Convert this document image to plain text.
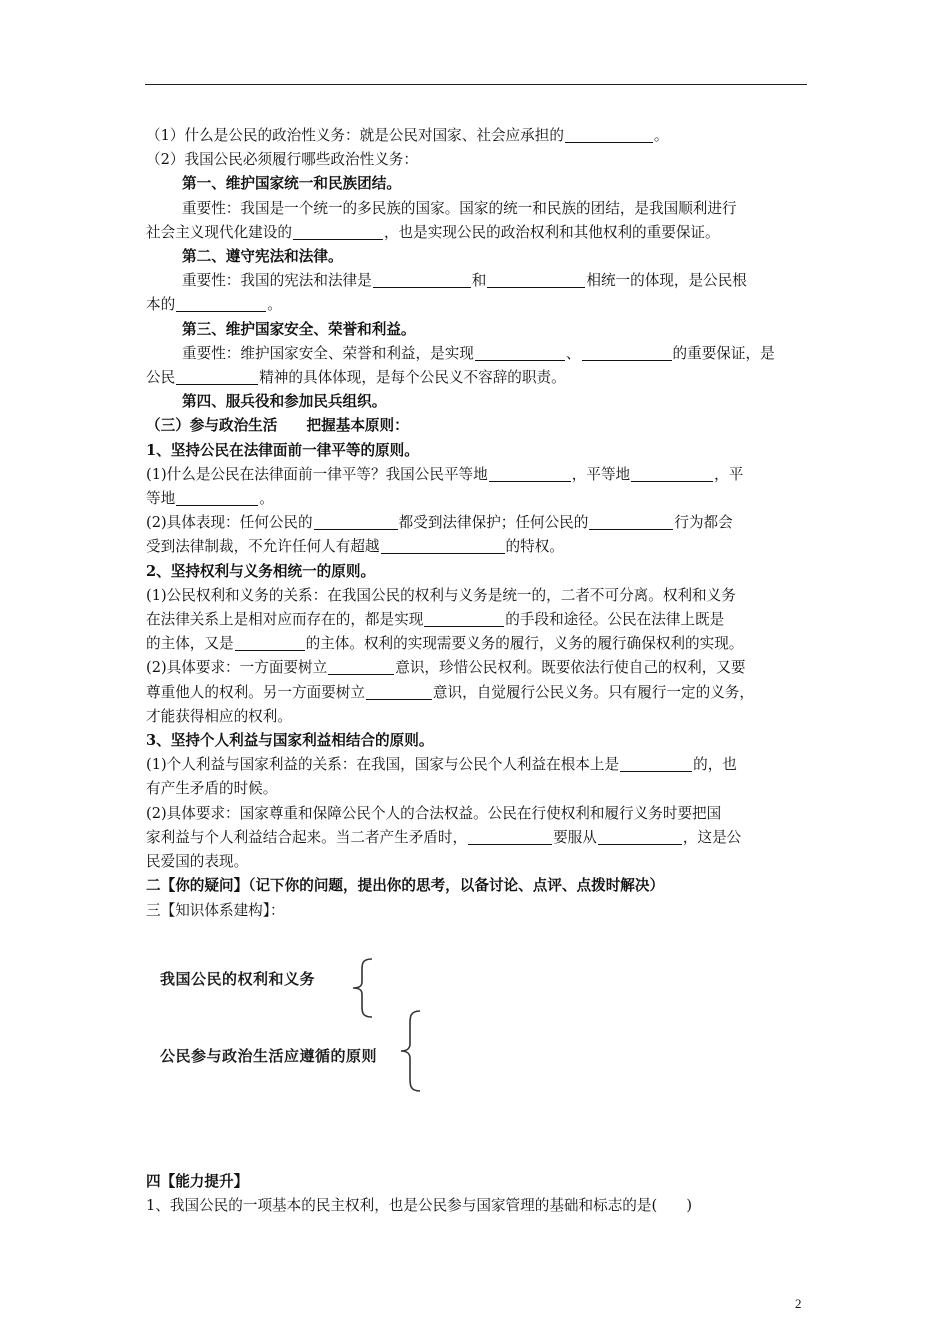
（1）什么是公民的政治性义务：就是公民对国家、社会应承担的	。

（2）我国公民必须履行哪些政治性义务：

第一、维护国家统一和民族团结。

重要性：我国是一个统一的多民族的国家。国家的统一和民族的团结，是我国顺利进行

社会主义现代化建设的	，也是实现公民的政治权利和其他权利的重要保证。

第二、遵守宪法和法律。

重要性：我国的宪法和法律是	和	相统一的体现，是公民根

本的	。

第三、维护国家安全、荣誉和利益。

重要性：维护国家安全、荣誉和利益，是实现	、	的重要保证，是

公民	精神的具体体现，是每个公民义不容辞的职责。

第四、服兵役和参加民兵组织。

（三）参与政治生活　　把握基本原则：

1、坚持公民在法律面前一律平等的原则。

(1)什么是公民在法律面前一律平等？我国公民平等地	，平等地	，平

等地	。

(2)具体表现：任何公民的	都受到法律保护；任何公民的	行为都会

受到法律制裁，不允许任何人有超越	的特权。

2、坚持权利与义务相统一的原则。

(1)公民权利和义务的关系：在我国公民的权利与义务是统一的，二者不可分离。权利和义务

在法律关系上是相对应而存在的，都是实现	的手段和途径。公民在法律上既是

的主体，又是	的主体。权利的实现需要义务的履行，义务的履行确保权利的实现。

(2)具体要求：一方面要树立	意识，珍惜公民权利。既要依法行使自己的权利，又要

尊重他人的权利。另一方面要树立	意识，自觉履行公民义务。只有履行一定的义务，

才能获得相应的权利。

3、坚持个人利益与国家利益相结合的原则。

(1)个人利益与国家利益的关系：在我国，国家与公民个人利益在根本上是	的，也

有产生矛盾的时候。

(2)具体要求：国家尊重和保障公民个人的合法权益。公民在行使权利和履行义务时要把国

家利益与个人利益结合起来。当二者产生矛盾时，	要服从	，这是公

民爱国的表现。

二【你的疑问】（记下你的问题，提出你的思考，以备讨论、点评、点拨时解决）

三【知识体系建构】：

我国公民的权利和义务
公民参与政治生活应遵循的原则

四【能力提升】

1、我国公民的一项基本的民主权利，也是公民参与国家管理的基础和标志的是(　　)

2
